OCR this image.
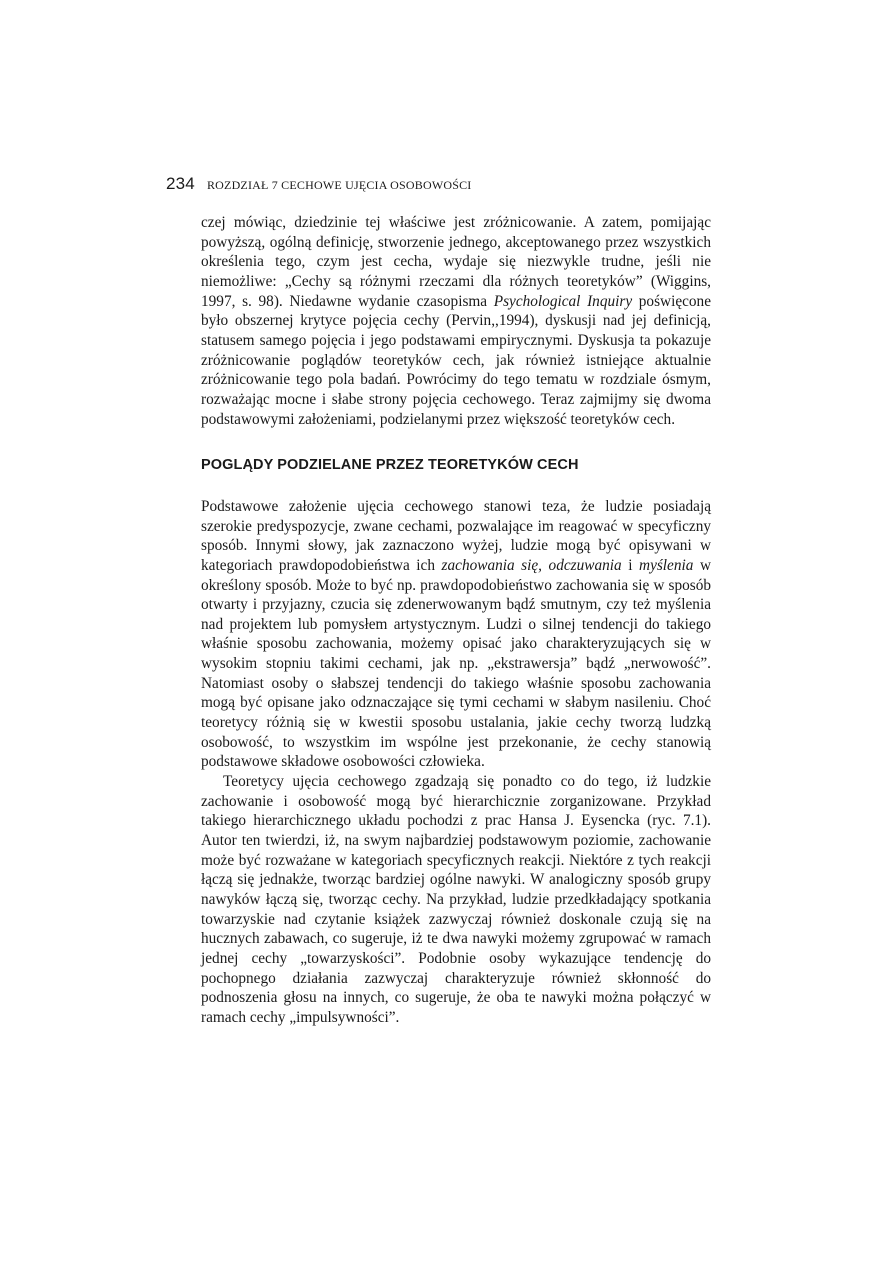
234 ROZDZIAŁ 7 CECHOWE UJĘCIA OSOBOWOŚCI

czej mówiąc, dziedzinie tej właściwe jest zróżnicowanie. A zatem, pomijając powyższą, ogólną definicję, stworzenie jednego, akceptowanego przez wszystkich określenia tego, czym jest cecha, wydaje się niezwykle trudne, jeśli nie niemożliwe: „Cechy są różnymi rzeczami dla różnych teoretyków” (Wiggins, 1997, s. 98). Niedawne wydanie czasopisma Psychological Inquiry poświęcone było obszernej krytyce pojęcia cechy (Pervin,,1994), dyskusji nad jej definicją, statusem samego pojęcia i jego podstawami empirycznymi. Dyskusja ta pokazuje zróżnicowanie poglądów teoretyków cech, jak również istniejące aktualnie zróżnicowanie tego pola badań. Powrócimy do tego tematu w rozdziale ósmym, rozważając mocne i słabe strony pojęcia cechowego. Teraz zajmijmy się dwoma podstawowymi założeniami, podzielanymi przez większość teoretyków cech.

POGLĄDY PODZIELANE PRZEZ TEORETYKÓW CECH

Podstawowe założenie ujęcia cechowego stanowi teza, że ludzie posiadają szerokie predyspozycje, zwane cechami, pozwalające im reagować w specyficzny sposób. Innymi słowy, jak zaznaczono wyżej, ludzie mogą być opisywani w kategoriach prawdopodobieństwa ich zachowania się, odczuwania i myślenia w określony sposób. Może to być np. prawdopodobieństwo zachowania się w sposób otwarty i przyjazny, czucia się zdenerwowanym bądź smutnym, czy też myślenia nad projektem lub pomysłem artystycznym. Ludzi o silnej tendencji do takiego właśnie sposobu zachowania, możemy opisać jako charakteryzujących się w wysokim stopniu takimi cechami, jak np. „ekstrawersja” bądź „nerwowość”. Natomiast osoby o słabszej tendencji do takiego właśnie sposobu zachowania mogą być opisane jako odznaczające się tymi cechami w słabym nasileniu. Choć teoretycy różnią się w kwestii sposobu ustalania, jakie cechy tworzą ludzką osobowość, to wszystkim im wspólne jest przekonanie, że cechy stanowią podstawowe składowe osobowości człowieka.

Teoretycy ujęcia cechowego zgadzają się ponadto co do tego, iż ludzkie zachowanie i osobowość mogą być hierarchicznie zorganizowane. Przykład takiego hierarchicznego układu pochodzi z prac Hansa J. Eysencka (ryc. 7.1). Autor ten twierdzi, iż, na swym najbardziej podstawowym poziomie, zachowanie może być rozważane w kategoriach specyficznych reakcji. Niektóre z tych reakcji łączą się jednakże, tworząc bardziej ogólne nawyki. W analogiczny sposób grupy nawyków łączą się, tworząc cechy. Na przykład, ludzie przedkładający spotkania towarzyskie nad czytanie książek zazwyczaj również doskonale czują się na hucznych zabawach, co sugeruje, iż te dwa nawyki możemy zgrupować w ramach jednej cechy „towarzyskości”. Podobnie osoby wykazujące tendencję do pochopnego działania zazwyczaj charakteryzuje również skłonność do podnoszenia głosu na innych, co sugeruje, że oba te nawyki można połączyć w ramach cechy „impulsywności”.
